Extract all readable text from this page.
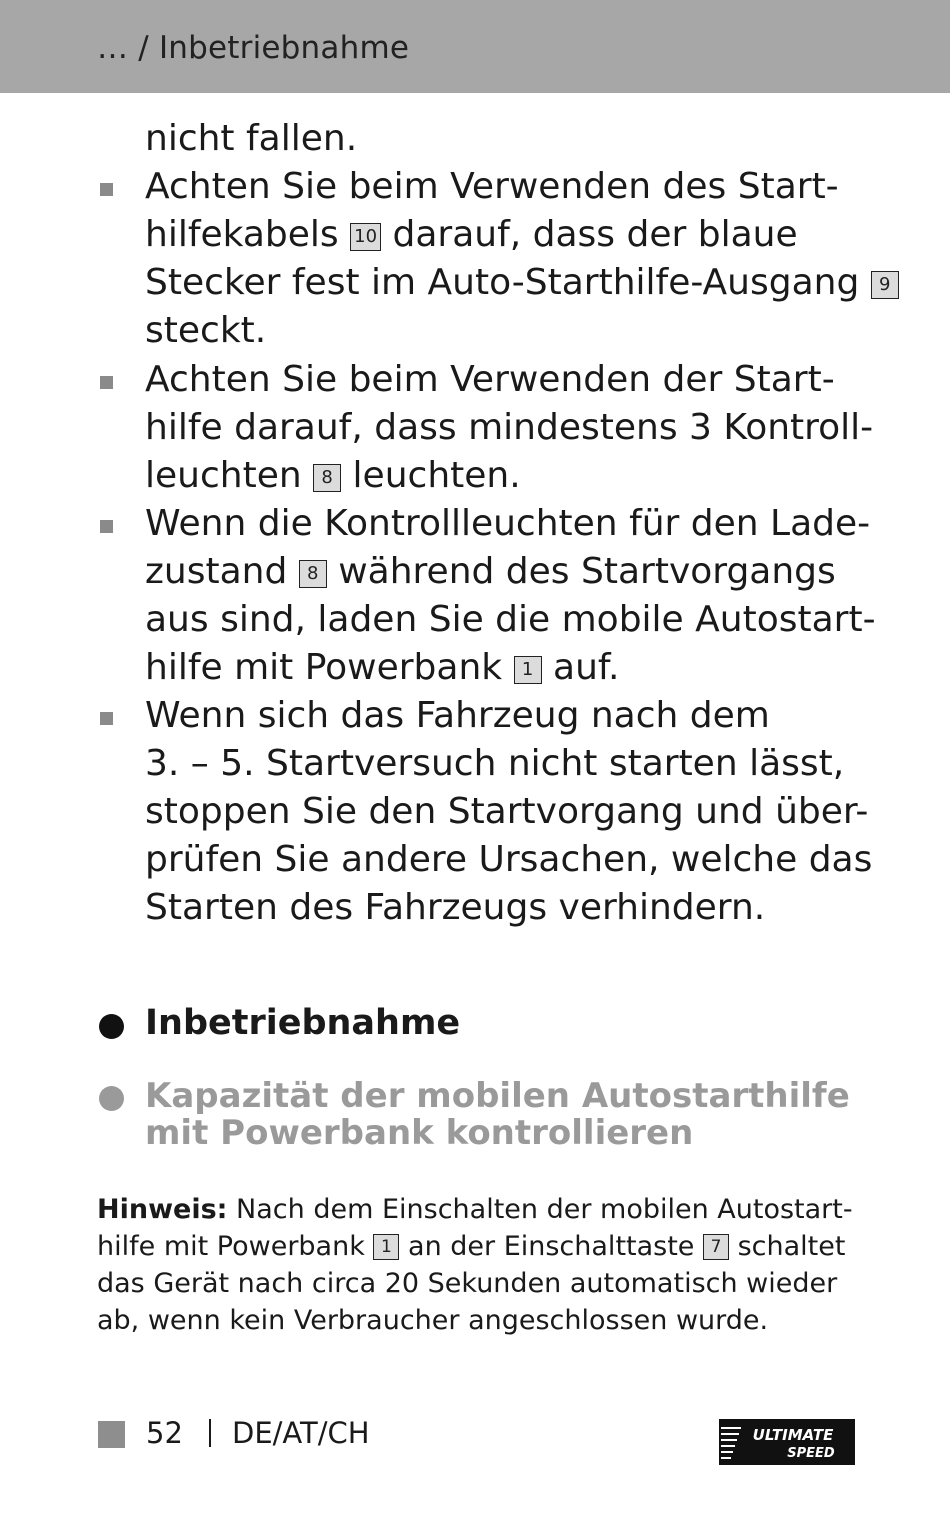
… / Inbetriebnahme
nicht fallen.
Achten Sie beim Verwenden des Start-
hilfekabels 10 darauf, dass der blaue
Stecker fest im Auto-Starthilfe-Ausgang 9
steckt.
Achten Sie beim Verwenden der Start-
hilfe darauf, dass mindestens 3 Kontroll-
leuchten 8 leuchten.
Wenn die Kontrollleuchten für den Lade-
zustand 8 während des Startvorgangs
aus sind, laden Sie die mobile Autostart-
hilfe mit Powerbank 1 auf.
Wenn sich das Fahrzeug nach dem
3. – 5. Startversuch nicht starten lässt,
stoppen Sie den Startvorgang und über-
prüfen Sie andere Ursachen, welche das
Starten des Fahrzeugs verhindern.
Inbetriebnahme
Kapazität der mobilen Autostarthilfe
mit Powerbank kontrollieren
Hinweis: Nach dem Einschalten der mobilen Autostart-
hilfe mit Powerbank 1 an der Einschalttaste 7 schaltet
das Gerät nach circa 20 Sekunden automatisch wieder
ab, wenn kein Verbraucher angeschlossen wurde.
52 DE/AT/CH	ULTIMATE
SPEED
